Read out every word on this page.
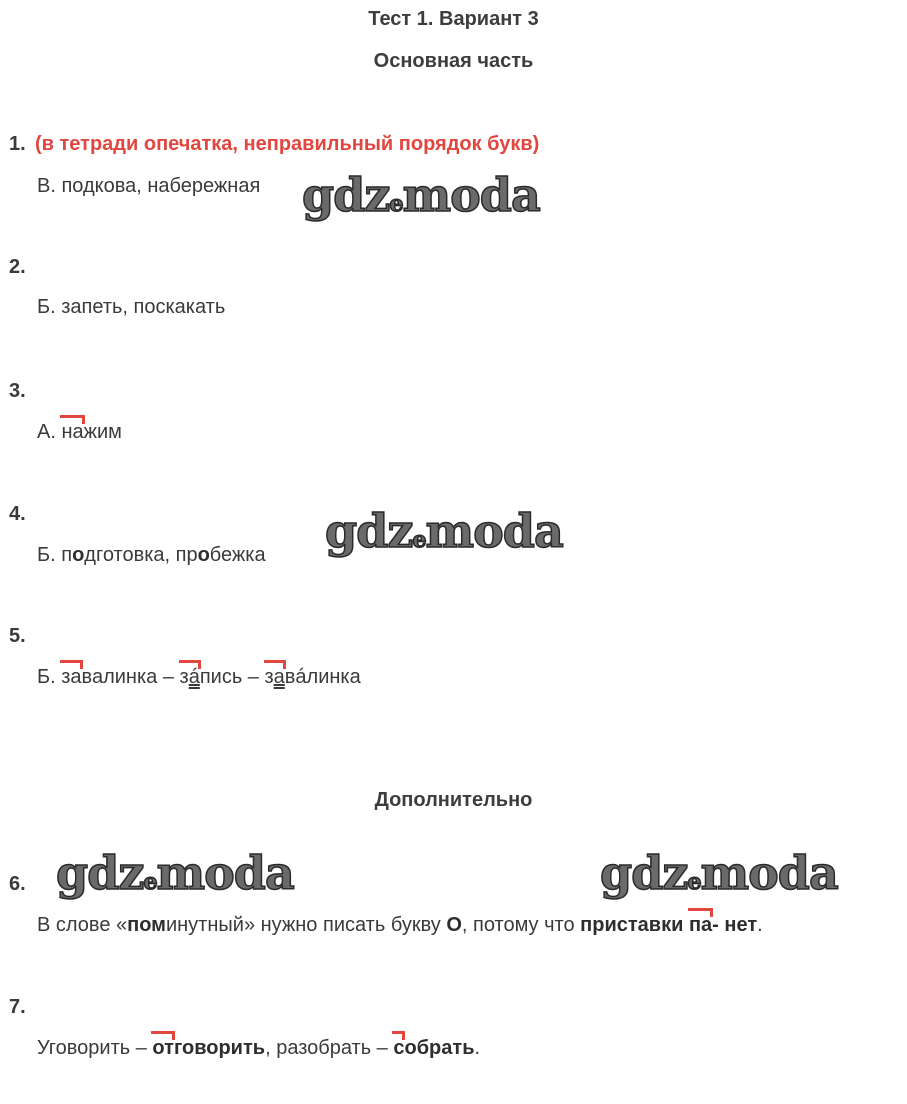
Тест 1. Вариант 3
Основная часть
1. (в тетради опечатка, неправильный порядок букв)
В. подкова, набережная gdzemoda
2.
Б. запеть, поскакать
3.
А. нажим
4.
Б. подготовка, пробежка gdzemoda
5.
Б. завалинка – зáпись – завáлинка
Дополнительно
gdzemoda	gdzemoda
6.
В слове «поминутный» нужно писать букву О, потому что приставки па- нет.
7.
Уговорить – отговорить, разобрать – собрать.
